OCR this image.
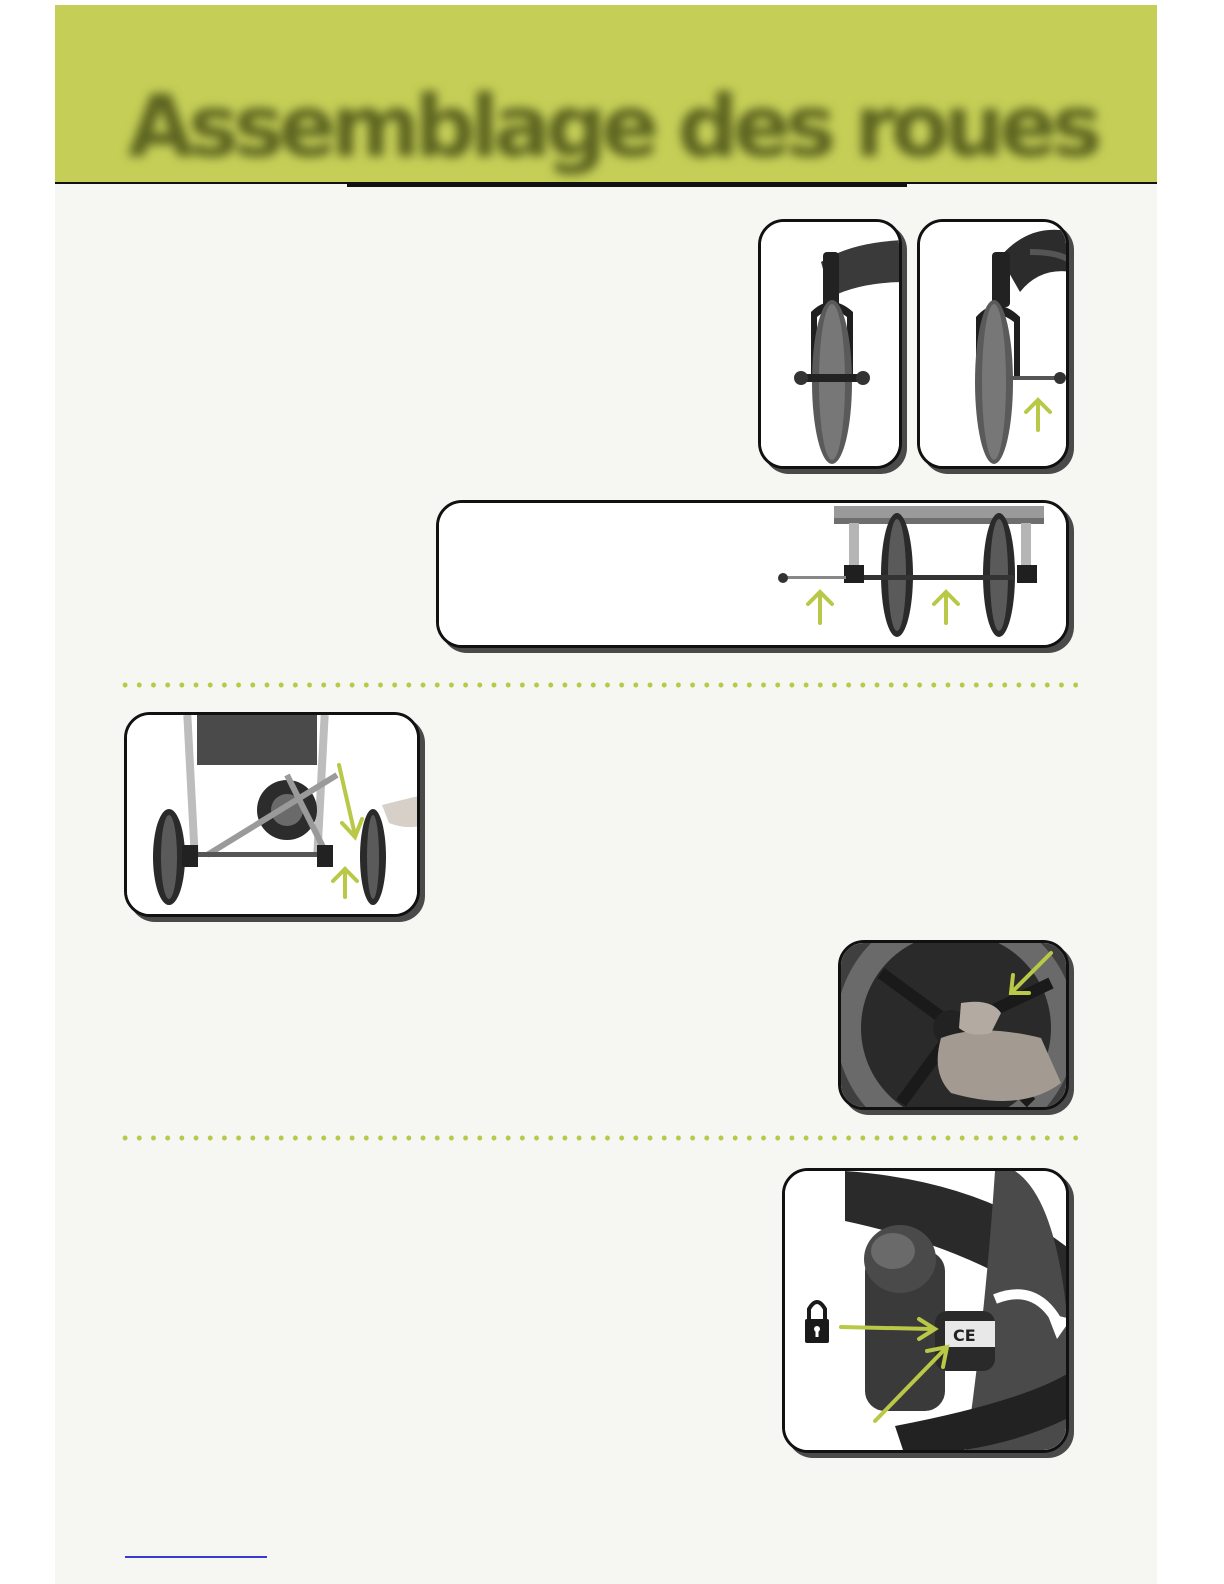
Assemblage des roues
CE
